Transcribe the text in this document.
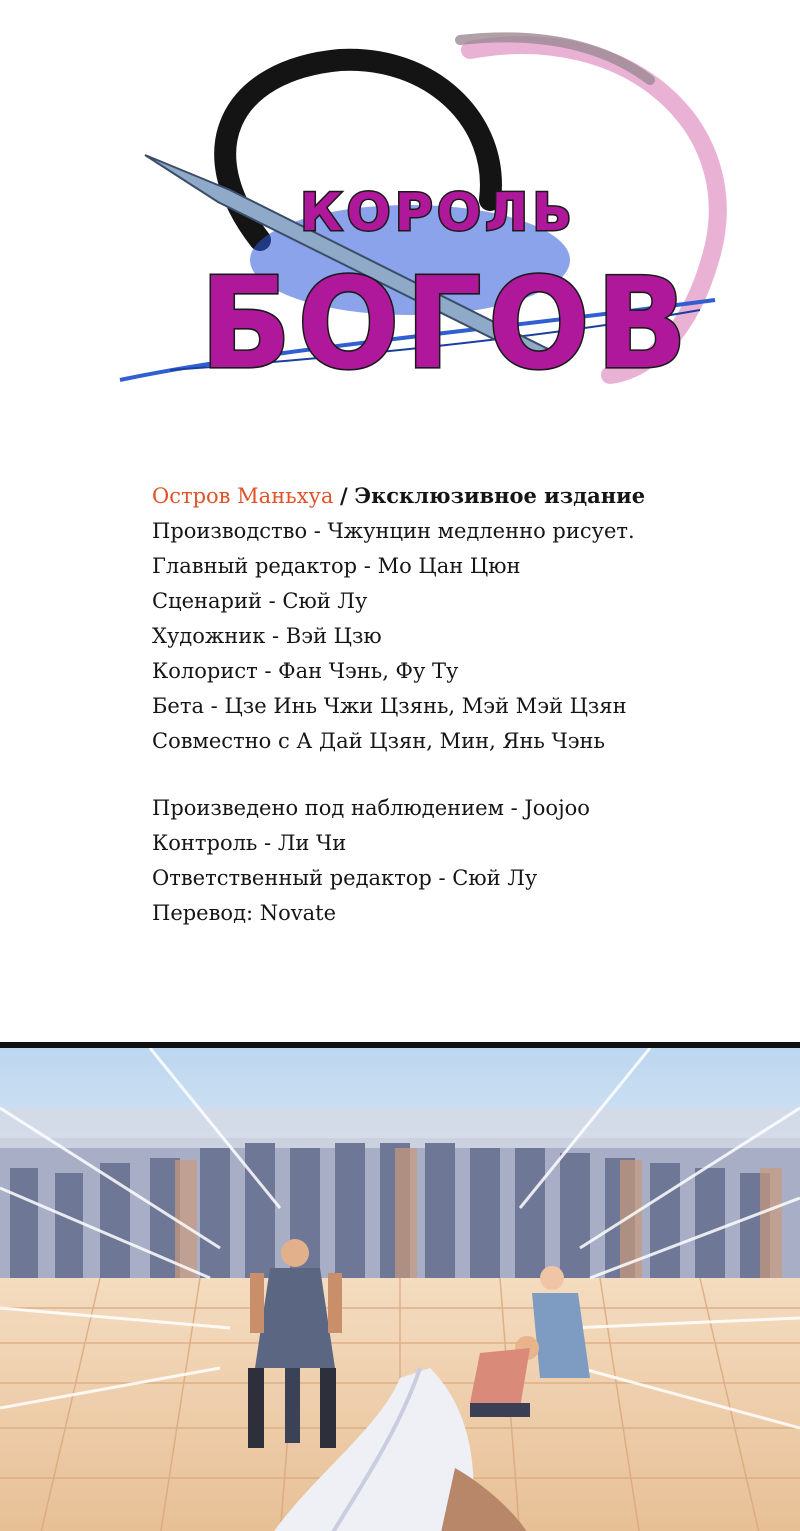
КОРОЛЬ
БОГОВ
Остров Маньхуа / Эксклюзивное издание
Производство - Чжунцин медленно рисует.
Главный редактор - Мо Цан Цюн
Сценарий - Сюй Лу
Художник - Вэй Цзю
Колорист - Фан Чэнь, Фу Ту
Бета - Цзе Инь Чжи Цзянь, Мэй Мэй Цзян
Совместно с А Дай Цзян, Мин, Янь Чэнь
Произведено под наблюдением - Joojoo
Контроль - Ли Чи
Ответственный редактор - Сюй Лу
Перевод: Novate
